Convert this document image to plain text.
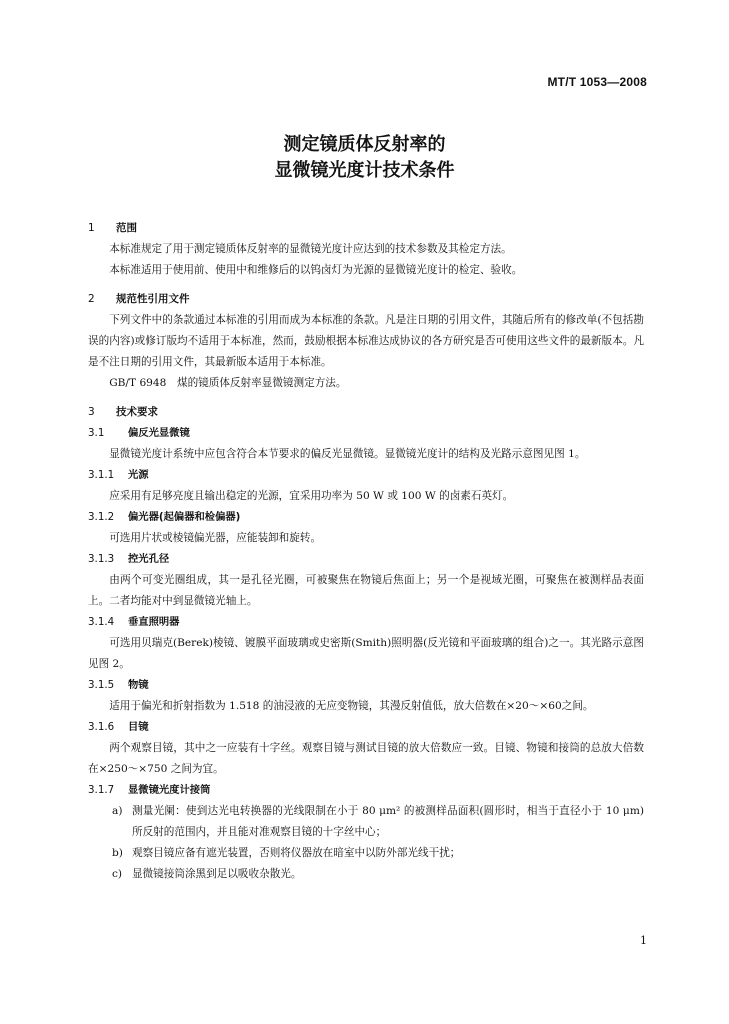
MT/T 1053—2008
测定镜质体反射率的
显微镜光度计技术条件
1 范围
本标准规定了用于测定镜质体反射率的显微镜光度计应达到的技术参数及其检定方法。
本标准适用于使用前、使用中和维修后的以钨卤灯为光源的显微镜光度计的检定、验收。
2 规范性引用文件
下列文件中的条款通过本标准的引用而成为本标准的条款。凡是注日期的引用文件，其随后所有的修改单(不包括勘误的内容)或修订版均不适用于本标准，然而，鼓励根据本标准达成协议的各方研究是否可使用这些文件的最新版本。凡是不注日期的引用文件，其最新版本适用于本标准。
GB/T 6948　煤的镜质体反射率显微镜测定方法。
3 技术要求
3.1 偏反光显微镜
显微镜光度计系统中应包含符合本节要求的偏反光显微镜。显微镜光度计的结构及光路示意图见图 1。
3.1.1 光源
应采用有足够亮度且输出稳定的光源，宜采用功率为 50 W 或 100 W 的卤素石英灯。
3.1.2 偏光器(起偏器和检偏器)
可选用片状或棱镜偏光器，应能装卸和旋转。
3.1.3 控光孔径
由两个可变光圈组成，其一是孔径光圈，可被聚焦在物镜后焦面上；另一个是视域光圈，可聚焦在被测样品表面上。二者均能对中到显微镜光轴上。
3.1.4 垂直照明器
可选用贝瑞克(Berek)棱镜、镀膜平面玻璃或史密斯(Smith)照明器(反光镜和平面玻璃的组合)之一。其光路示意图见图 2。
3.1.5 物镜
适用于偏光和折射指数为 1.518 的油浸液的无应变物镜，其漫反射值低，放大倍数在×20～×60之间。
3.1.6 目镜
两个观察目镜，其中之一应装有十字丝。观察目镜与测试目镜的放大倍数应一致。目镜、物镜和接筒的总放大倍数在×250～×750 之间为宜。
3.1.7 显微镜光度计接筒
a) 测量光阑：使到达光电转换器的光线限制在小于 80 μm² 的被测样品面积(圆形时，相当于直径小于 10 μm)所反射的范围内，并且能对准观察目镜的十字丝中心；
b) 观察目镜应备有遮光装置，否则将仪器放在暗室中以防外部光线干扰；
c) 显微镜接筒涂黑到足以吸收杂散光。
1
